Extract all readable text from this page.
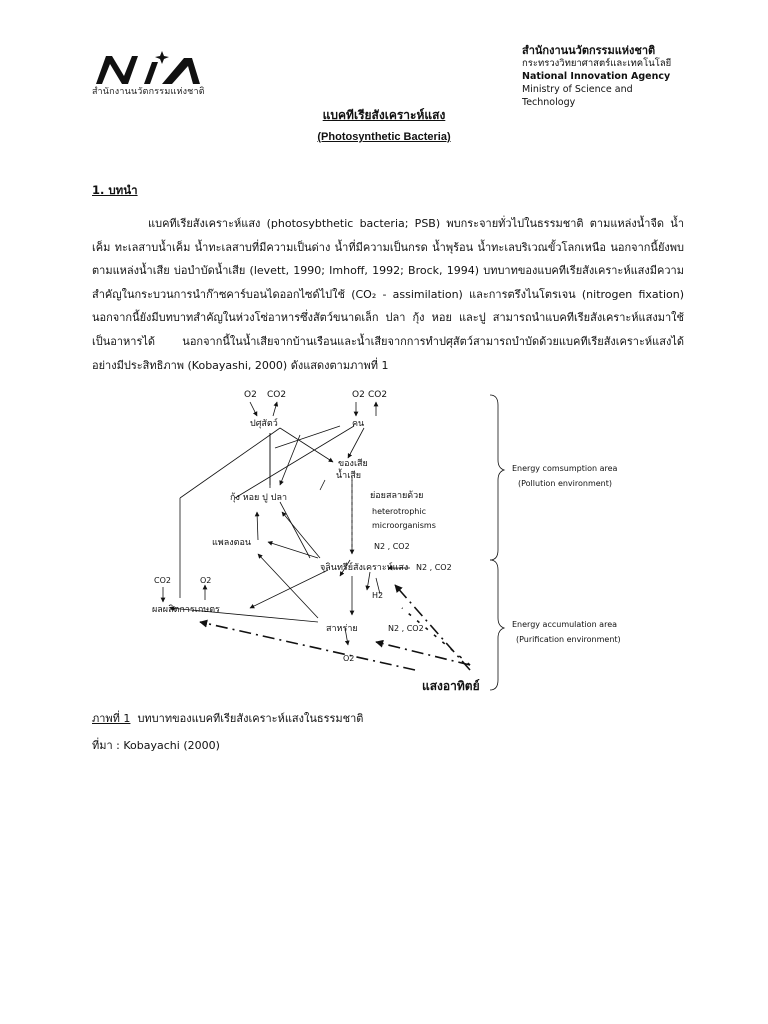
สำนักงานนวัตกรรมแห่งชาติ
สำนักงานนวัตกรรมแห่งชาติ
กระทรวงวิทยาศาสตร์และเทคโนโลยี
National Innovation Agency
Ministry of Science and Technology
แบคทีเรียสังเคราะห์แสง
(Photosynthetic Bacteria)
1. บทนำ

แบคทีเรียสังเคราะห์แสง (photosybthetic bacteria; PSB) พบกระจายทั่วไปในธรรมชาติ ตามแหล่งน้ำจืด น้ำเค็ม ทะเลสาบน้ำเค็ม น้ำทะเลสาบที่มีความเป็นด่าง น้ำที่มีความเป็นกรด น้ำพุร้อน น้ำทะเลบริเวณขั้วโลกเหนือ นอกจากนี้ยังพบตามแหล่งน้ำเสีย บ่อบำบัดน้ำเสีย (levett, 1990; Imhoff, 1992; Brock, 1994) บทบาทของแบคทีเรียสังเคราะห์แสงมีความสำคัญในกระบวนการนำก๊าซคาร์บอนไดออกไซด์ไปใช้ (CO₂ - assimilation) และการตรึงไนโตรเจน (nitrogen fixation) นอกจากนี้ยังมีบทบาทสำคัญในห่วงโซ่อาหารซึ่งสัตว์ขนาดเล็ก ปลา กุ้ง หอย และปู สามารถนำแบคทีเรียสังเคราะห์แสงมาใช้เป็นอาหารได้ นอกจากนี้ในน้ำเสียจากบ้านเรือนและน้ำเสียจากการทำปศุสัตว์สามารถบำบัดด้วยแบคทีเรียสังเคราะห์แสงได้อย่างมีประสิทธิภาพ (Kobayashi, 2000) ดังแสดงตามภาพที่ 1

O2 CO2	O2 CO2
ปศุสัตว์	คน
ของเสีย
น้ำเสีย
กุ้ง หอย ปู ปลา	ย่อยสลายด้วย
heterotrophic
microorganisms
N2 , CO2
แพลงตอน
จุลินทรีย์สังเคราะห์แสง N2 , CO2
CO2	O2
H2
ผลผลิตการเกษตร
สาหร่าย	N2 , CO2
O2
แสงอาทิตย์
Energy comsumption area
(Pollution environment)
Energy accumulation area
(Purification environment)
ภาพที่ 1 บทบาทของแบคทีเรียสังเคราะห์แสงในธรรมชาติ
ที่มา : Kobayachi (2000)
